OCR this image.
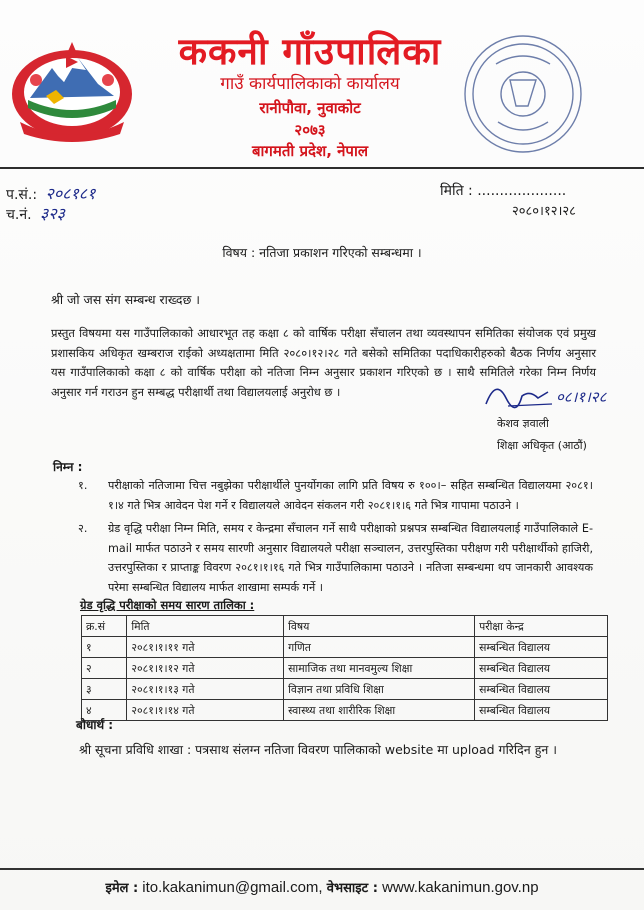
ककनी गाँउपालिका
गाउँ कार्यपालिकाको कार्यालय
रानीपौवा, नुवाकोट
२०७३
बागमती प्रदेश, नेपाल
प.सं.: २०८१८१
च.नं. ३२३
मिति : ....................
२०८०।१२।२८
विषय : नतिजा प्रकाशन गरिएको सम्बन्धमा ।
श्री जो जस संग सम्बन्ध राख्दछ ।
प्रस्तुत विषयमा यस गाउँपालिकाको आधारभूत तह कक्षा ८ को वार्षिक परीक्षा सँचालन तथा व्यवस्थापन समितिका संयोजक एवं प्रमुख प्रशासकिय अधिकृत खम्बराज राईको अध्यक्षतामा मिति २०८०।१२।२८ गते बसेको समितिका पदाधिकारीहरुको बैठक निर्णय अनुसार यस गाउँपालिकाको कक्षा ८ को वार्षिक परीक्षा को नतिजा निम्न अनुसार प्रकाशन गरिएको छ । साथै समितिले गरेका निम्न निर्णय अनुसार गर्न गराउन हुन सम्बद्ध परीक्षार्थी तथा विद्यालयलाई अनुरोध छ ।	०८।१।२८
केशव ज्ञवाली
शिक्षा अधिकृत (आठौं)
निम्न :
१. परीक्षाको नतिजामा चित्त नबुझेका परीक्षार्थीले पुनर्योगका लागि प्रति विषय रु १००।– सहित सम्बन्धित विद्यालयमा २०८१।१।४ गते भित्र आवेदन पेश गर्ने र विद्यालयले आवेदन संकलन गरी २०८१।१।६ गते भित्र गापामा पठाउने ।
२. ग्रेड वृद्धि परीक्षा निम्न मिति, समय र केन्द्रमा सँचालन गर्ने साथै परीक्षाको प्रश्नपत्र सम्बन्धित विद्यालयलाई गाउँपालिकाले E-mail मार्फत पठाउने र समय सारणी अनुसार विद्यालयले परीक्षा सञ्चालन, उत्तरपुस्तिका परीक्षण गरी परीक्षार्थीको हाजिरी, उत्तरपुस्तिका र प्राप्ताङ्क विवरण २०८१।१।१६ गते भित्र गाउँपालिकामा पठाउने । नतिजा सम्बन्धमा थप जानकारी आवश्यक परेमा सम्बन्धित विद्यालय मार्फत शाखामा सम्पर्क गर्ने ।
ग्रेड वृद्धि परीक्षाको समय सारण तालिका :
क्र.सं	मिति	विषय	परीक्षा केन्द्र
१	२०८१।१।११ गते	गणित	सम्बन्धित विद्यालय
२	२०८१।१।१२ गते	सामाजिक तथा मानवमुल्य शिक्षा	सम्बन्धित विद्यालय
३	२०८१।१।१३ गते	विज्ञान तथा प्रविधि शिक्षा	सम्बन्धित विद्यालय
४	२०८१।१।१४ गते	स्वास्थ्य तथा शारीरिक शिक्षा	सम्बन्धित विद्यालय
बोधार्थ :
श्री सूचना प्रविधि शाखा : पत्रसाथ संलग्न नतिजा विवरण पालिकाको website मा upload गरिदिन हुन ।
इमेल : ito.kakanimun@gmail.com, वेभसाइट : www.kakanimun.gov.np
